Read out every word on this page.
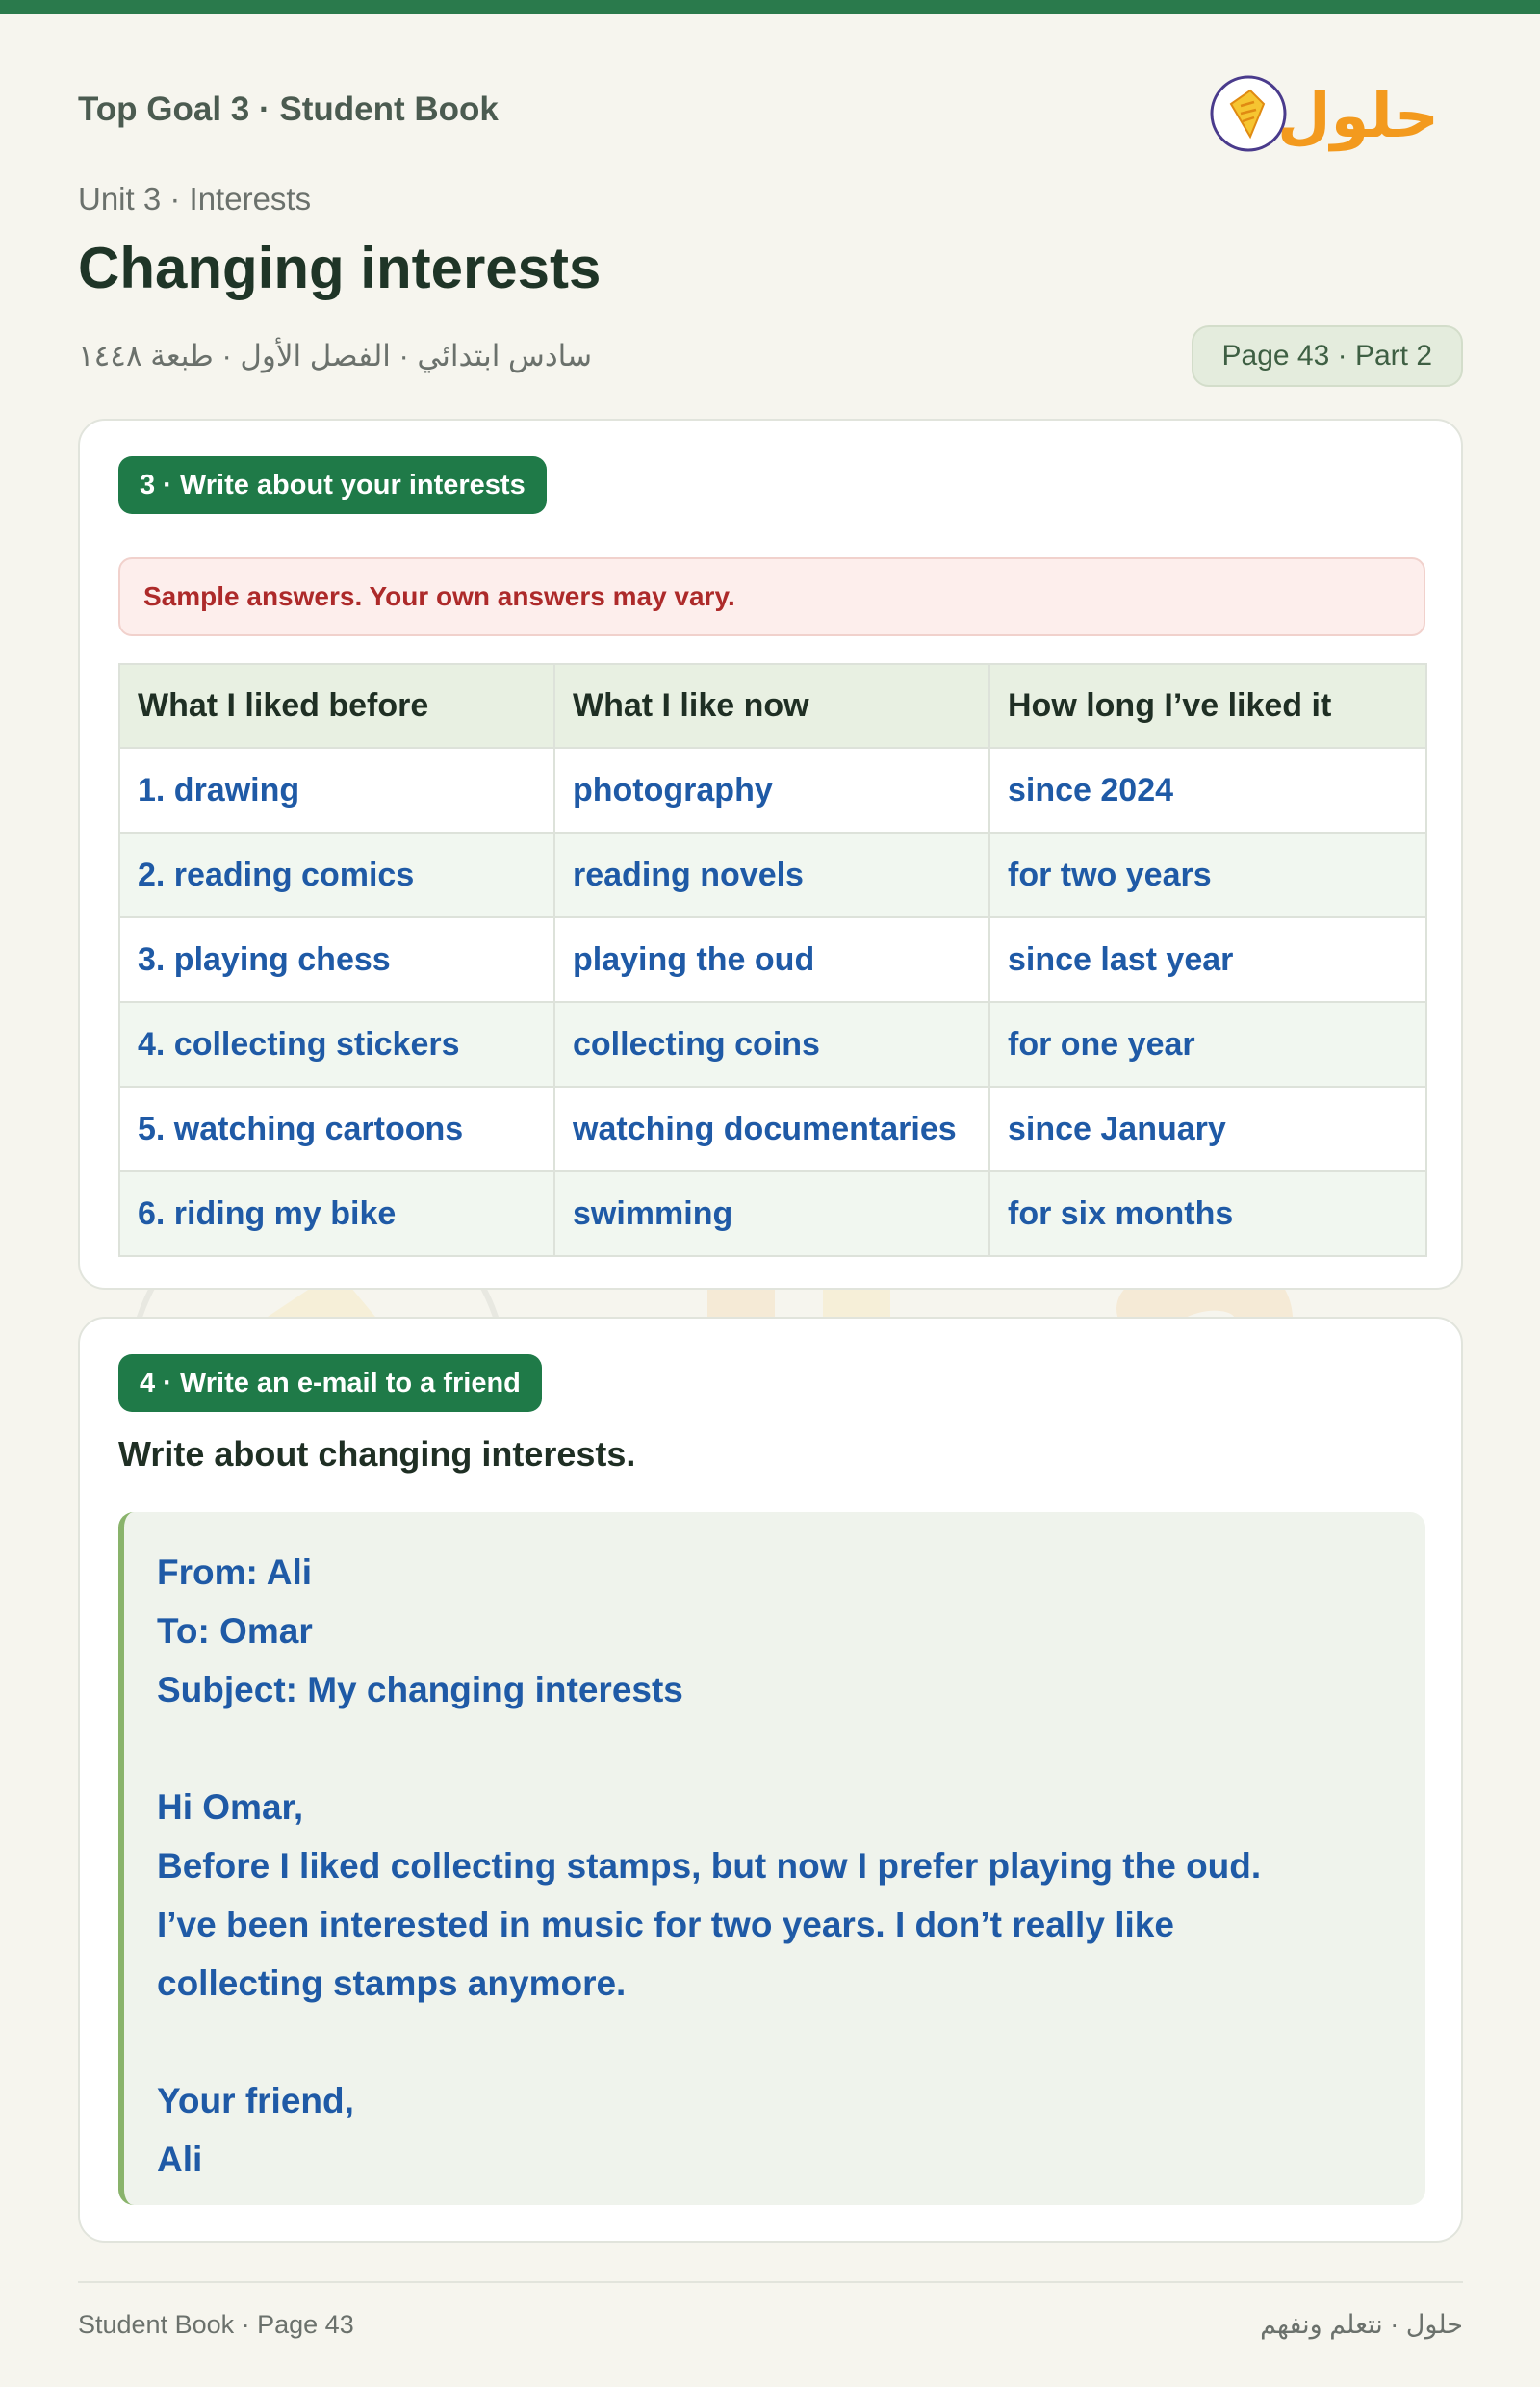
Top Goal 3 · Student Book
Unit 3 · Interests
Changing interests
سادس ابتدائي · الفصل الأول · طبعة ١٤٤٨	Page 43 · Part 2
حلول
3 · Write about your interests
Sample answers. Your own answers may vary.
What I liked before	What I like now	How long I’ve liked it
1. drawing	photography	since 2024
2. reading comics	reading novels	for two years
3. playing chess	playing the oud	since last year
4. collecting stickers	collecting coins	for one year
5. watching cartoons	watching documentaries	since January
6. riding my bike	swimming	for six months
4 · Write an e-mail to a friend
Write about changing interests.
From: Ali
To: Omar
Subject: My changing interests
Hi Omar,
Before I liked collecting stamps, but now I prefer playing the oud.
I’ve been interested in music for two years. I don’t really like
collecting stamps anymore.
Your friend,
Ali
Student Book · Page 43	حلول · نتعلم ونفهم
